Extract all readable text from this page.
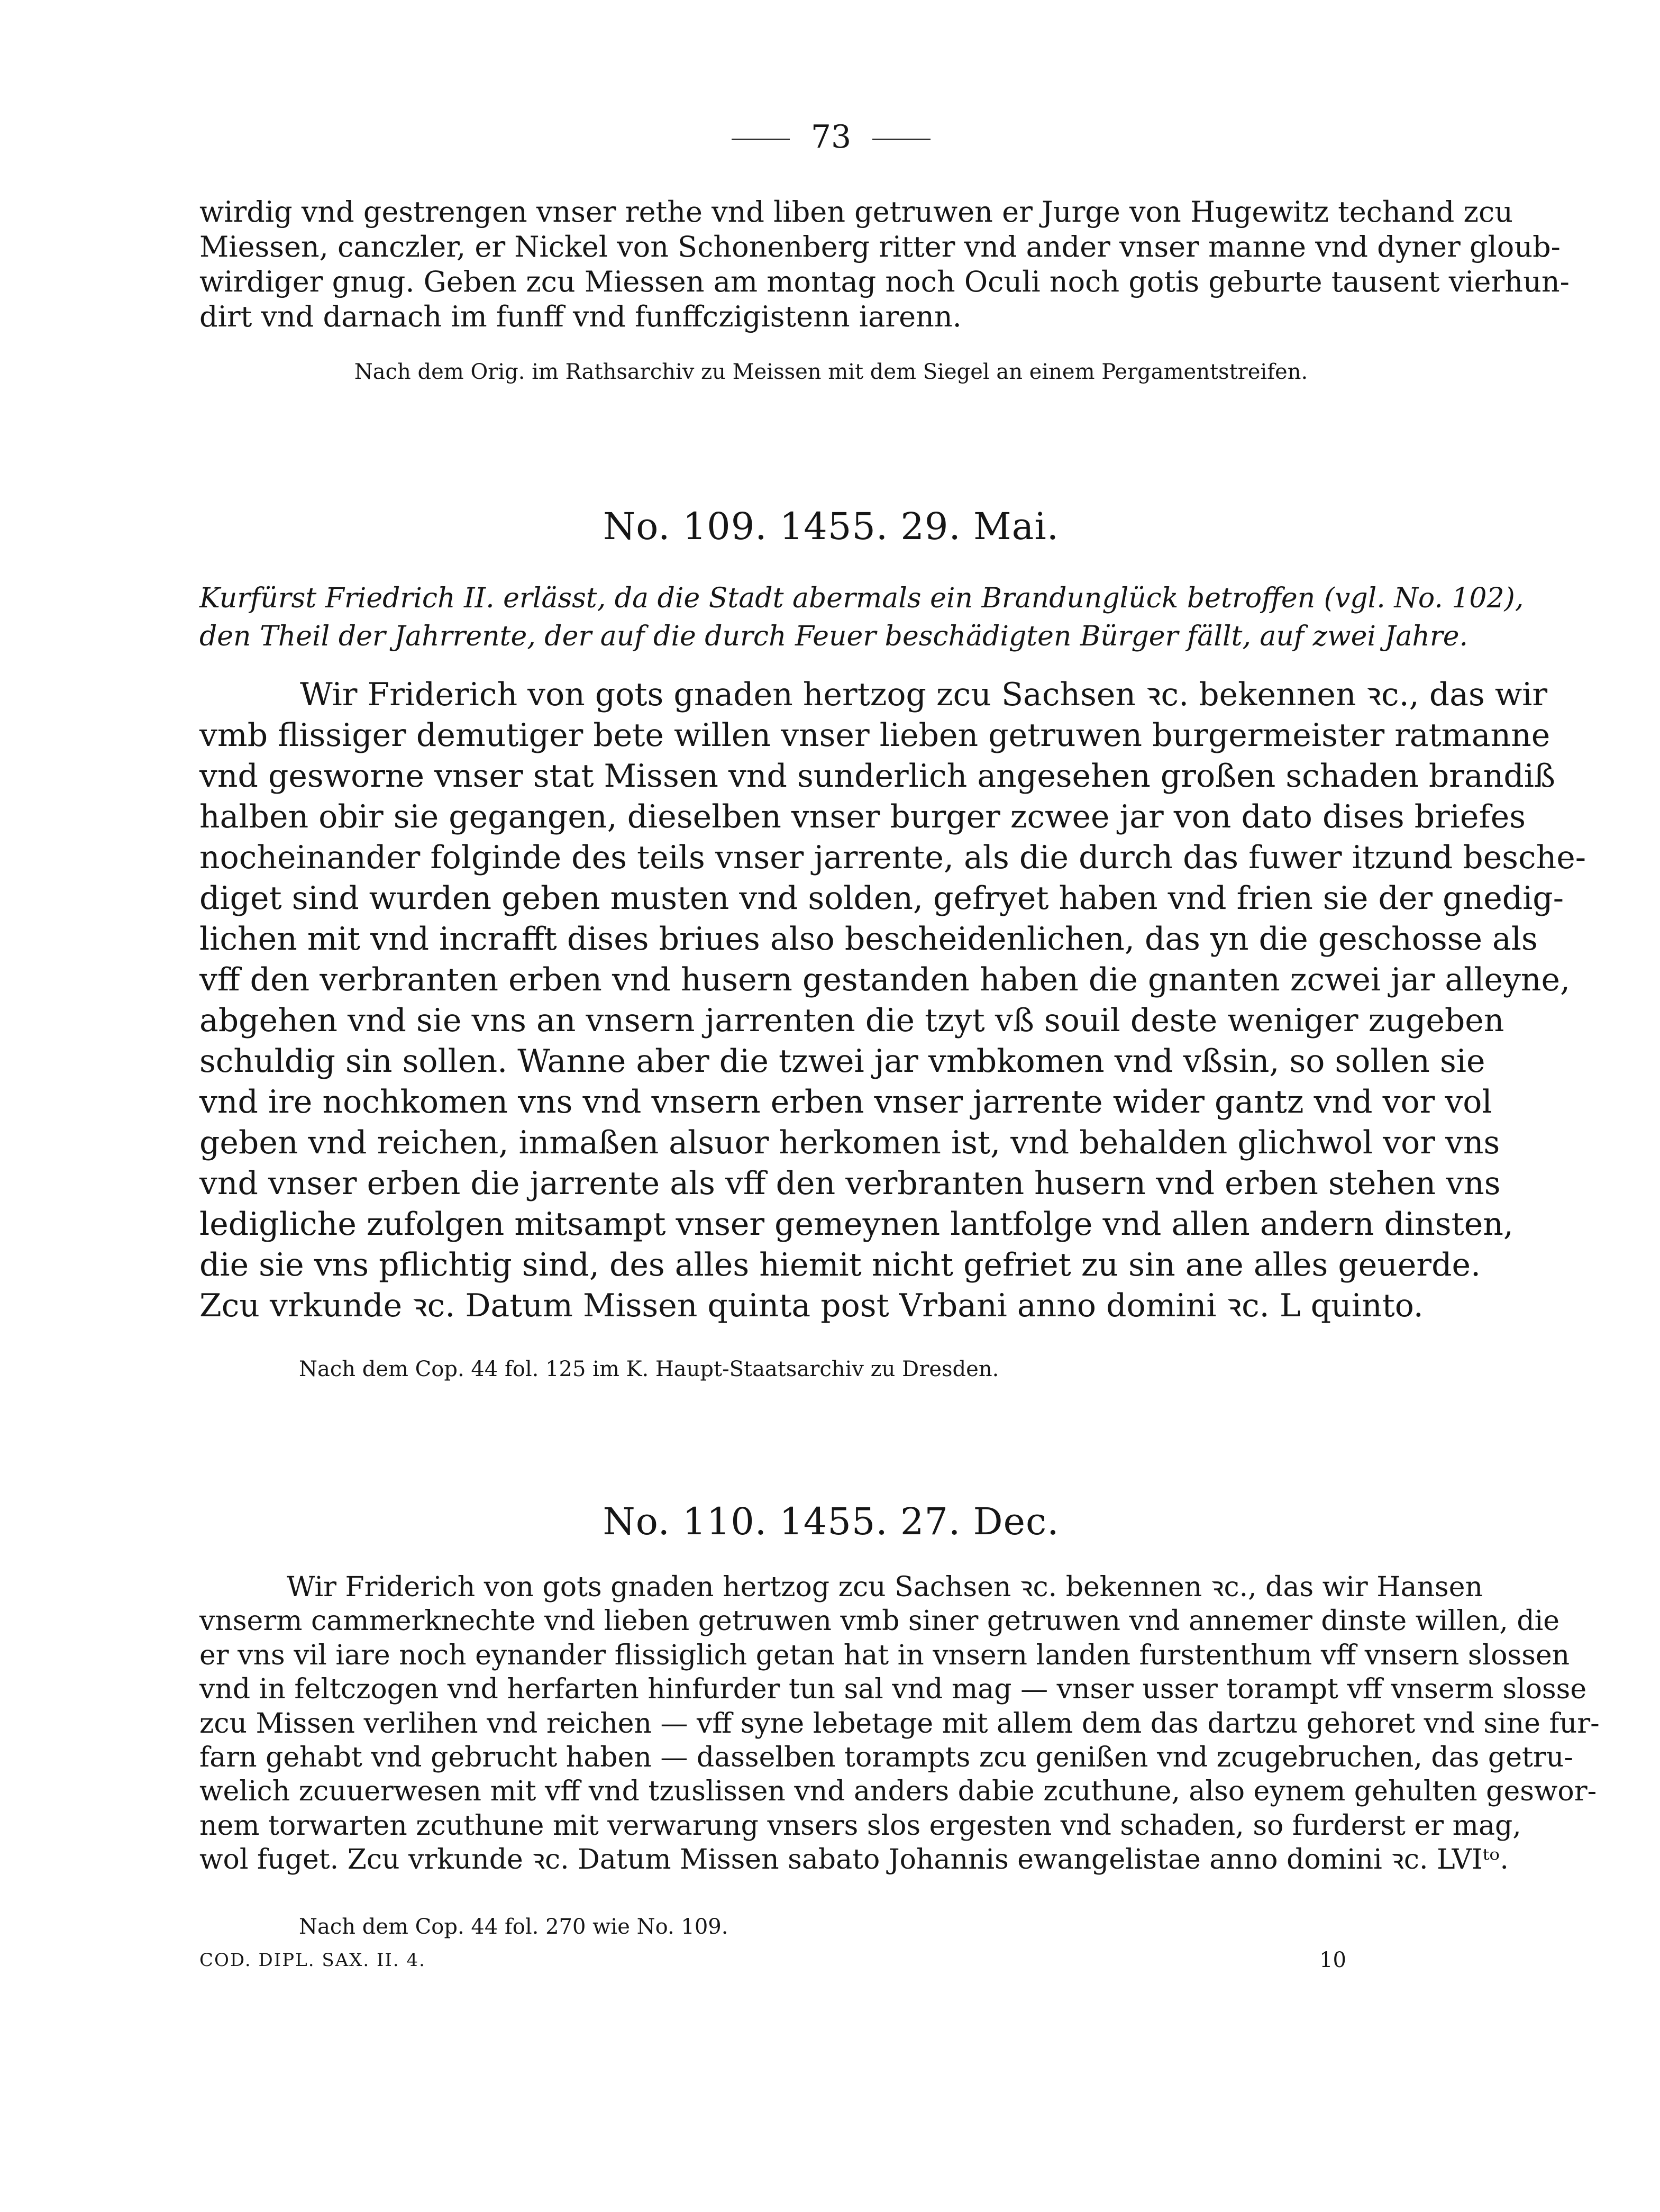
73
wirdig vnd gestrengen vnser rethe vnd liben getruwen er Jurge von Hugewitz techand zcu
Miessen, canczler, er Nickel von Schonenberg ritter vnd ander vnser manne vnd dyner gloub-
wirdiger gnug. Geben zcu Miessen am montag noch Oculi noch gotis geburte tausent vierhun-
dirt vnd darnach im funff vnd funffczigistenn iarenn.
Nach dem Orig. im Rathsarchiv zu Meissen mit dem Siegel an einem Pergamentstreifen.
No. 109. 1455. 29. Mai.
Kurfürst Friedrich II. erlässt, da die Stadt abermals ein Brandunglück betroffen (vgl. No. 102),
den Theil der Jahrrente, der auf die durch Feuer beschädigten Bürger fällt, auf zwei Jahre.
Wir Friderich von gots gnaden hertzog zcu Sachsen ꝛc. bekennen ꝛc., das wir
vmb flissiger demutiger bete willen vnser lieben getruwen burgermeister ratmanne
vnd gesworne vnser stat Missen vnd sunderlich angesehen großen schaden brandiß
halben obir sie gegangen, dieselben vnser burger zcwee jar von dato dises briefes
nocheinander folginde des teils vnser jarrente, als die durch das fuwer itzund besche-
diget sind wurden geben musten vnd solden, gefryet haben vnd frien sie der gnedig-
lichen mit vnd incrafft dises briues also bescheidenlichen, das yn die geschosse als
vff den verbranten erben vnd husern gestanden haben die gnanten zcwei jar alleyne,
abgehen vnd sie vns an vnsern jarrenten die tzyt vß souil deste weniger zugeben
schuldig sin sollen. Wanne aber die tzwei jar vmbkomen vnd vßsin, so sollen sie
vnd ire nochkomen vns vnd vnsern erben vnser jarrente wider gantz vnd vor vol
geben vnd reichen, inmaßen alsuor herkomen ist, vnd behalden glichwol vor vns
vnd vnser erben die jarrente als vff den verbranten husern vnd erben stehen vns
ledigliche zufolgen mitsampt vnser gemeynen lantfolge vnd allen andern dinsten,
die sie vns pflichtig sind, des alles hiemit nicht gefriet zu sin ane alles geuerde.
Zcu vrkunde ꝛc. Datum Missen quinta post Vrbani anno domini ꝛc. L quinto.
Nach dem Cop. 44 fol. 125 im K. Haupt-Staatsarchiv zu Dresden.
No. 110. 1455. 27. Dec.
Wir Friderich von gots gnaden hertzog zcu Sachsen ꝛc. bekennen ꝛc., das wir Hansen
vnserm cammerknechte vnd lieben getruwen vmb siner getruwen vnd annemer dinste willen, die
er vns vil iare noch eynander flissiglich getan hat in vnsern landen furstenthum vff vnsern slossen
vnd in feltczogen vnd herfarten hinfurder tun sal vnd mag — vnser usser torampt vff vnserm slosse
zcu Missen verlihen vnd reichen — vff syne lebetage mit allem dem das dartzu gehoret vnd sine fur-
farn gehabt vnd gebrucht haben — dasselben torampts zcu genißen vnd zcugebruchen, das getru-
welich zcuuerwesen mit vff vnd tzuslissen vnd anders dabie zcuthune, also eynem gehulten geswor-
nem torwarten zcuthune mit verwarung vnsers slos ergesten vnd schaden, so furderst er mag,
wol fuget. Zcu vrkunde ꝛc. Datum Missen sabato Johannis ewangelistae anno domini ꝛc. LVIᵗᵒ.
Nach dem Cop. 44 fol. 270 wie No. 109.
COD. DIPL. SAX. II. 4.	10
